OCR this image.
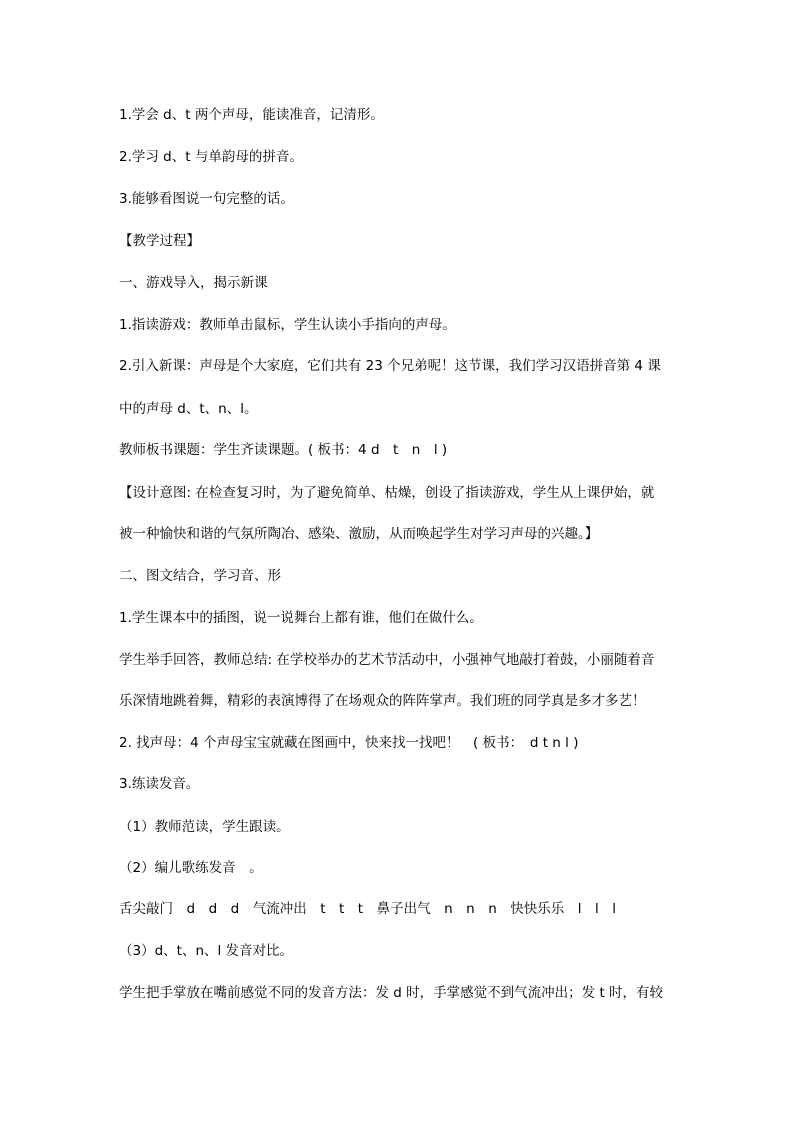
1.学会 d、t 两个声母，能读准音，记清形。
2.学习 d、t 与单韵母的拼音。
3.能够看图说一句完整的话。
【教学过程】
一、游戏导入，揭示新课
1.指读游戏：教师单击鼠标，学生认读小手指向的声母。
2.引入新课：声母是个大家庭，它们共有 23 个兄弟呢！这节课，我们学习汉语拼音第 4 课
中的声母 d、t、n、l。
教师板书课题：学生齐读课题。( 板书：4 d　t　n　l )
【设计意图: 在检查复习时，为了避免简单、枯燥，创设了指读游戏，学生从上课伊始，就
被一种愉快和谐的气氛所陶冶、感染、激励，从而唤起学生对学习声母的兴趣。】
二、图文结合，学习音、形
1.学生课本中的插图，说一说舞台上都有谁，他们在做什么。
学生举手回答，教师总结: 在学校举办的艺术节活动中，小强神气地敲打着鼓，小丽随着音
乐深情地跳着舞，精彩的表演博得了在场观众的阵阵掌声。我们班的同学真是多才多艺！
2. 找声母：4 个声母宝宝就藏在图画中，快来找一找吧！　( 板书：　d t n l )
3.练读发音。
（1）教师范读，学生跟读。
（2）编儿歌练发音　。
舌尖敲门　d　d　d　气流冲出　t　t　t　鼻子出气　n　n　n　快快乐乐　l　l　l
（3）d、t、n、l 发音对比。
学生把手掌放在嘴前感觉不同的发音方法：发 d 时，手掌感觉不到气流冲出；发 t 时，有较
